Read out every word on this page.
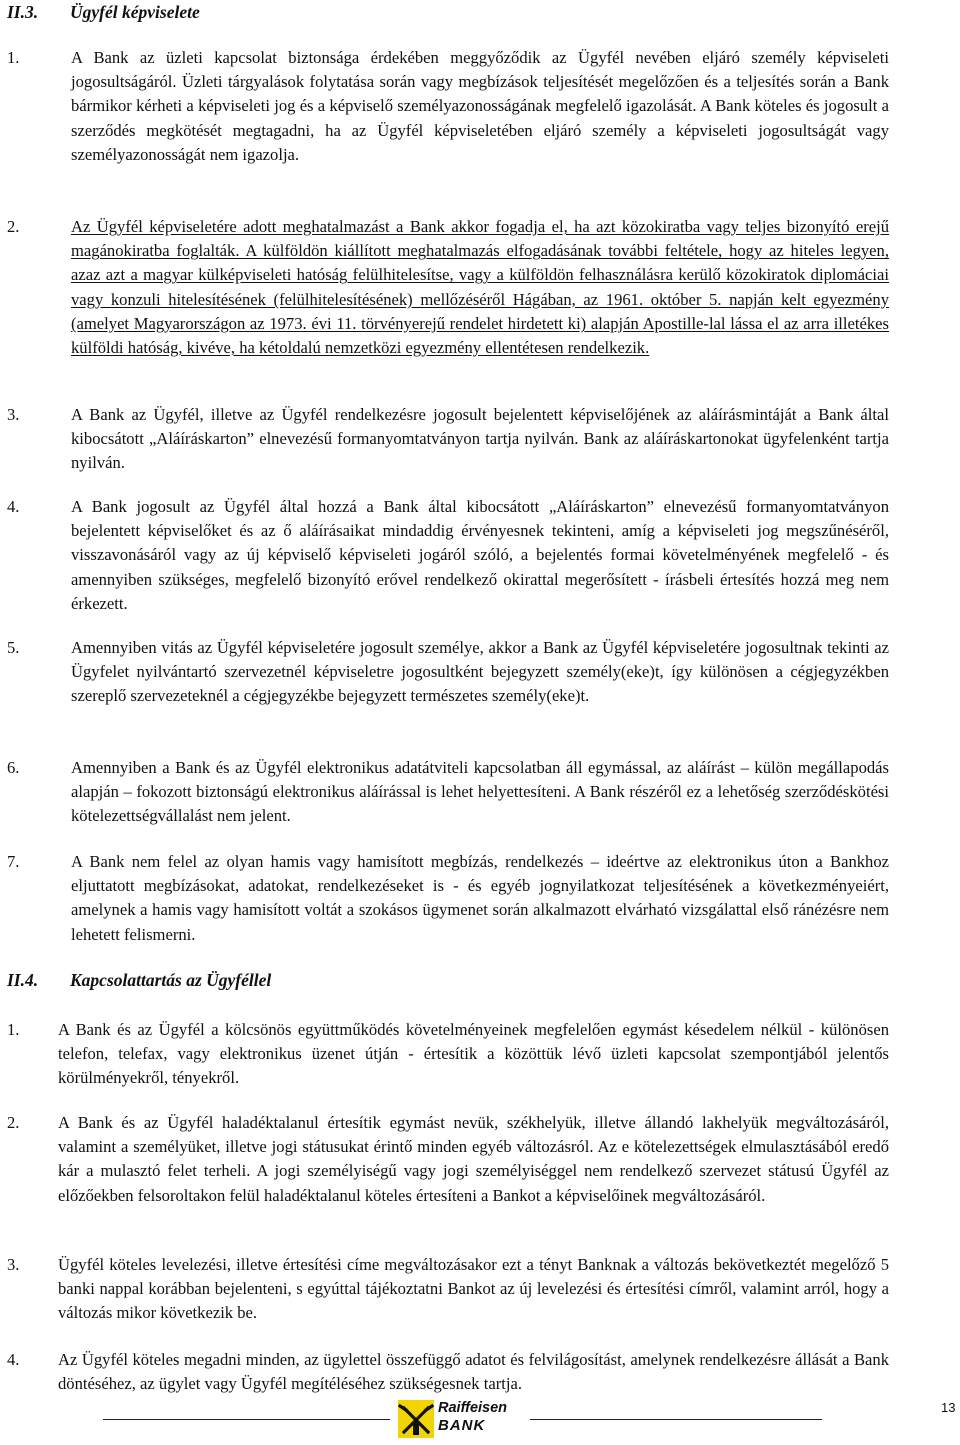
II.3. Ügyfél képviselete
1.	A Bank az üzleti kapcsolat biztonsága érdekében meggyőződik az Ügyfél nevében eljáró személy képviseleti jogosultságáról. Üzleti tárgyalások folytatása során vagy megbízások teljesítését megelőzően és a teljesítés során a Bank bármikor kérheti a képviseleti jog és a képviselő személyazonosságának megfelelő igazolását. A Bank köteles és jogosult a szerződés megkötését megtagadni, ha az Ügyfél képviseletében eljáró személy a képviseleti jogosultságát vagy személyazonosságát nem igazolja.
2.	Az Ügyfél képviseletére adott meghatalmazást a Bank akkor fogadja el, ha azt közokiratba vagy teljes bizonyító erejű magánokiratba foglalták. A külföldön kiállított meghatalmazás elfogadásának további feltétele, hogy az hiteles legyen, azaz azt a magyar külképviseleti hatóság felülhitelesítse, vagy a külföldön felhasználásra kerülő közokiratok diplomáciai vagy konzuli hitelesítésének (felülhitelesítésének) mellőzéséről Hágában, az 1961. október 5. napján kelt egyezmény (amelyet Magyarországon az 1973. évi 11. törvényerejű rendelet hirdetett ki) alapján Apostille-lal lássa el az arra illetékes külföldi hatóság, kivéve, ha kétoldalú nemzetközi egyezmény ellentétesen rendelkezik.
3.	A Bank az Ügyfél, illetve az Ügyfél rendelkezésre jogosult bejelentett képviselőjének az aláírásmintáját a Bank által kibocsátott „Aláíráskarton” elnevezésű formanyomtatványon tartja nyilván. Bank az aláíráskartonokat ügyfelenként tartja nyilván.
4.	A Bank jogosult az Ügyfél által hozzá a Bank által kibocsátott „Aláíráskarton” elnevezésű formanyomtatványon bejelentett képviselőket és az ő aláírásaikat mindaddig érvényesnek tekinteni, amíg a képviseleti jog megszűnéséről, visszavonásáról vagy az új képviselő képviseleti jogáról szóló, a bejelentés formai követelményének megfelelő - és amennyiben szükséges, megfelelő bizonyító erővel rendelkező okirattal megerősített - írásbeli értesítés hozzá meg nem érkezett.
5.	Amennyiben vitás az Ügyfél képviseletére jogosult személye, akkor a Bank az Ügyfél képviseletére jogosultnak tekinti az Ügyfelet nyilvántartó szervezetnél képviseletre jogosultként bejegyzett személy(eke)t, így különösen a cégjegyzékben szereplő szervezeteknél a cégjegyzékbe bejegyzett természetes személy(eke)t.
6.	Amennyiben a Bank és az Ügyfél elektronikus adatátviteli kapcsolatban áll egymással, az aláírást – külön megállapodás alapján – fokozott biztonságú elektronikus aláírással is lehet helyettesíteni. A Bank részéről ez a lehetőség szerződéskötési kötelezettségvállalást nem jelent.
7.	A Bank nem felel az olyan hamis vagy hamisított megbízás, rendelkezés – ideértve az elektronikus úton a Bankhoz eljuttatott megbízásokat, adatokat, rendelkezéseket is - és egyéb jognyilatkozat teljesítésének a következményeiért, amelynek a hamis vagy hamisított voltát a szokásos ügymenet során alkalmazott elvárható vizsgálattal első ránézésre nem lehetett felismerni.
II.4. Kapcsolattartás az Ügyféllel
1. A Bank és az Ügyfél a kölcsönös együttműködés követelményeinek megfelelően egymást késedelem nélkül - különösen telefon, telefax, vagy elektronikus üzenet útján - értesítik a közöttük lévő üzleti kapcsolat szempontjából jelentős körülményekről, tényekről.
2. A Bank és az Ügyfél haladéktalanul értesítik egymást nevük, székhelyük, illetve állandó lakhelyük megváltozásáról, valamint a személyüket, illetve jogi státusukat érintő minden egyéb változásról. Az e kötelezettségek elmulasztásából eredő kár a mulasztó felet terheli. A jogi személyiségű vagy jogi személyiséggel nem rendelkező szervezet státusú Ügyfél az előzőekben felsoroltakon felül haladéktalanul köteles értesíteni a Bankot a képviselőinek megváltozásáról.
3. Ügyfél köteles levelezési, illetve értesítési címe megváltozásakor ezt a tényt Banknak a változás bekövetkeztét megelőző 5 banki nappal korábban bejelenteni, s egyúttal tájékoztatni Bankot az új levelezési és értesítési címről, valamint arról, hogy a változás mikor következik be.
4. Az Ügyfél köteles megadni minden, az ügylettel összefüggő adatot és felvilágosítást, amelynek rendelkezésre állását a Bank döntéséhez, az ügylet vagy Ügyfél megítéléséhez szükségesnek tartja.
Raiffeisen
BANK
13
